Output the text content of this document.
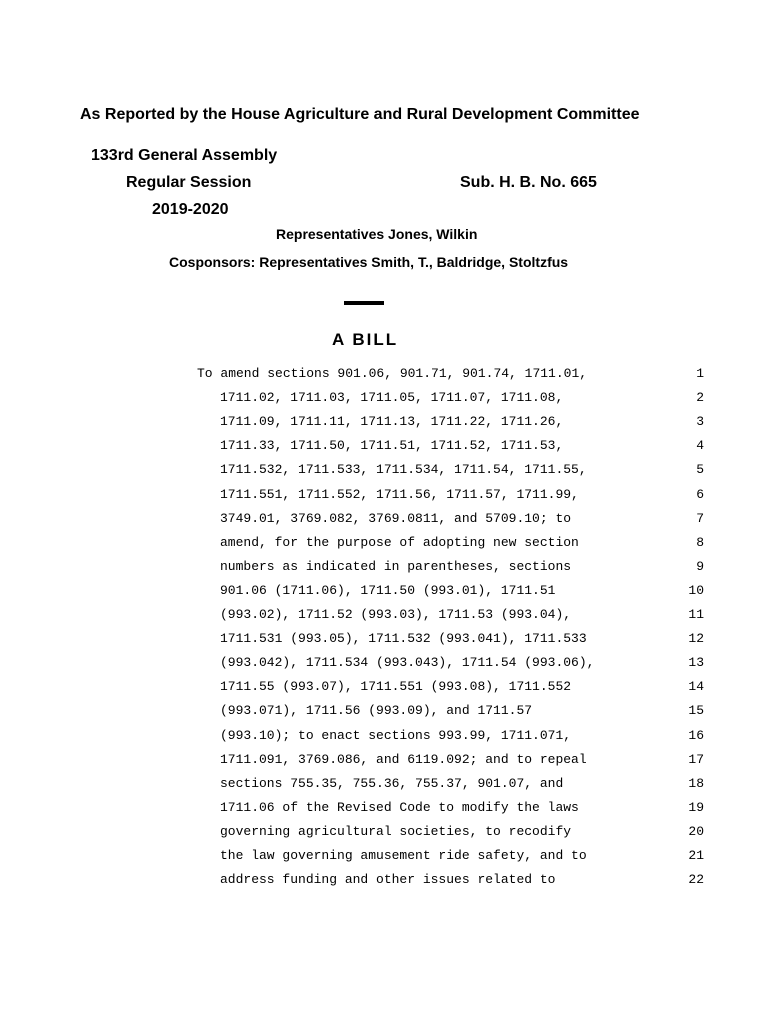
As Reported by the House Agriculture and Rural Development Committee
133rd General Assembly
Regular Session	Sub. H. B. No. 665
2019-2020
Representatives Jones, Wilkin
Cosponsors: Representatives Smith, T., Baldridge, Stoltzfus
A BILL
To amend sections 901.06, 901.71, 901.74, 1711.01,	1
1711.02, 1711.03, 1711.05, 1711.07, 1711.08,	2
1711.09, 1711.11, 1711.13, 1711.22, 1711.26,	3
1711.33, 1711.50, 1711.51, 1711.52, 1711.53,	4
1711.532, 1711.533, 1711.534, 1711.54, 1711.55,	5
1711.551, 1711.552, 1711.56, 1711.57, 1711.99,	6
3749.01, 3769.082, 3769.0811, and 5709.10; to	7
amend, for the purpose of adopting new section	8
numbers as indicated in parentheses, sections	9
901.06 (1711.06), 1711.50 (993.01), 1711.51	10
(993.02), 1711.52 (993.03), 1711.53 (993.04),	11
1711.531 (993.05), 1711.532 (993.041), 1711.533	12
(993.042), 1711.534 (993.043), 1711.54 (993.06),	13
1711.55 (993.07), 1711.551 (993.08), 1711.552	14
(993.071), 1711.56 (993.09), and 1711.57	15
(993.10); to enact sections 993.99, 1711.071,	16
1711.091, 3769.086, and 6119.092; and to repeal	17
sections 755.35, 755.36, 755.37, 901.07, and	18
1711.06 of the Revised Code to modify the laws	19
governing agricultural societies, to recodify	20
the law governing amusement ride safety, and to	21
address funding and other issues related to	22
